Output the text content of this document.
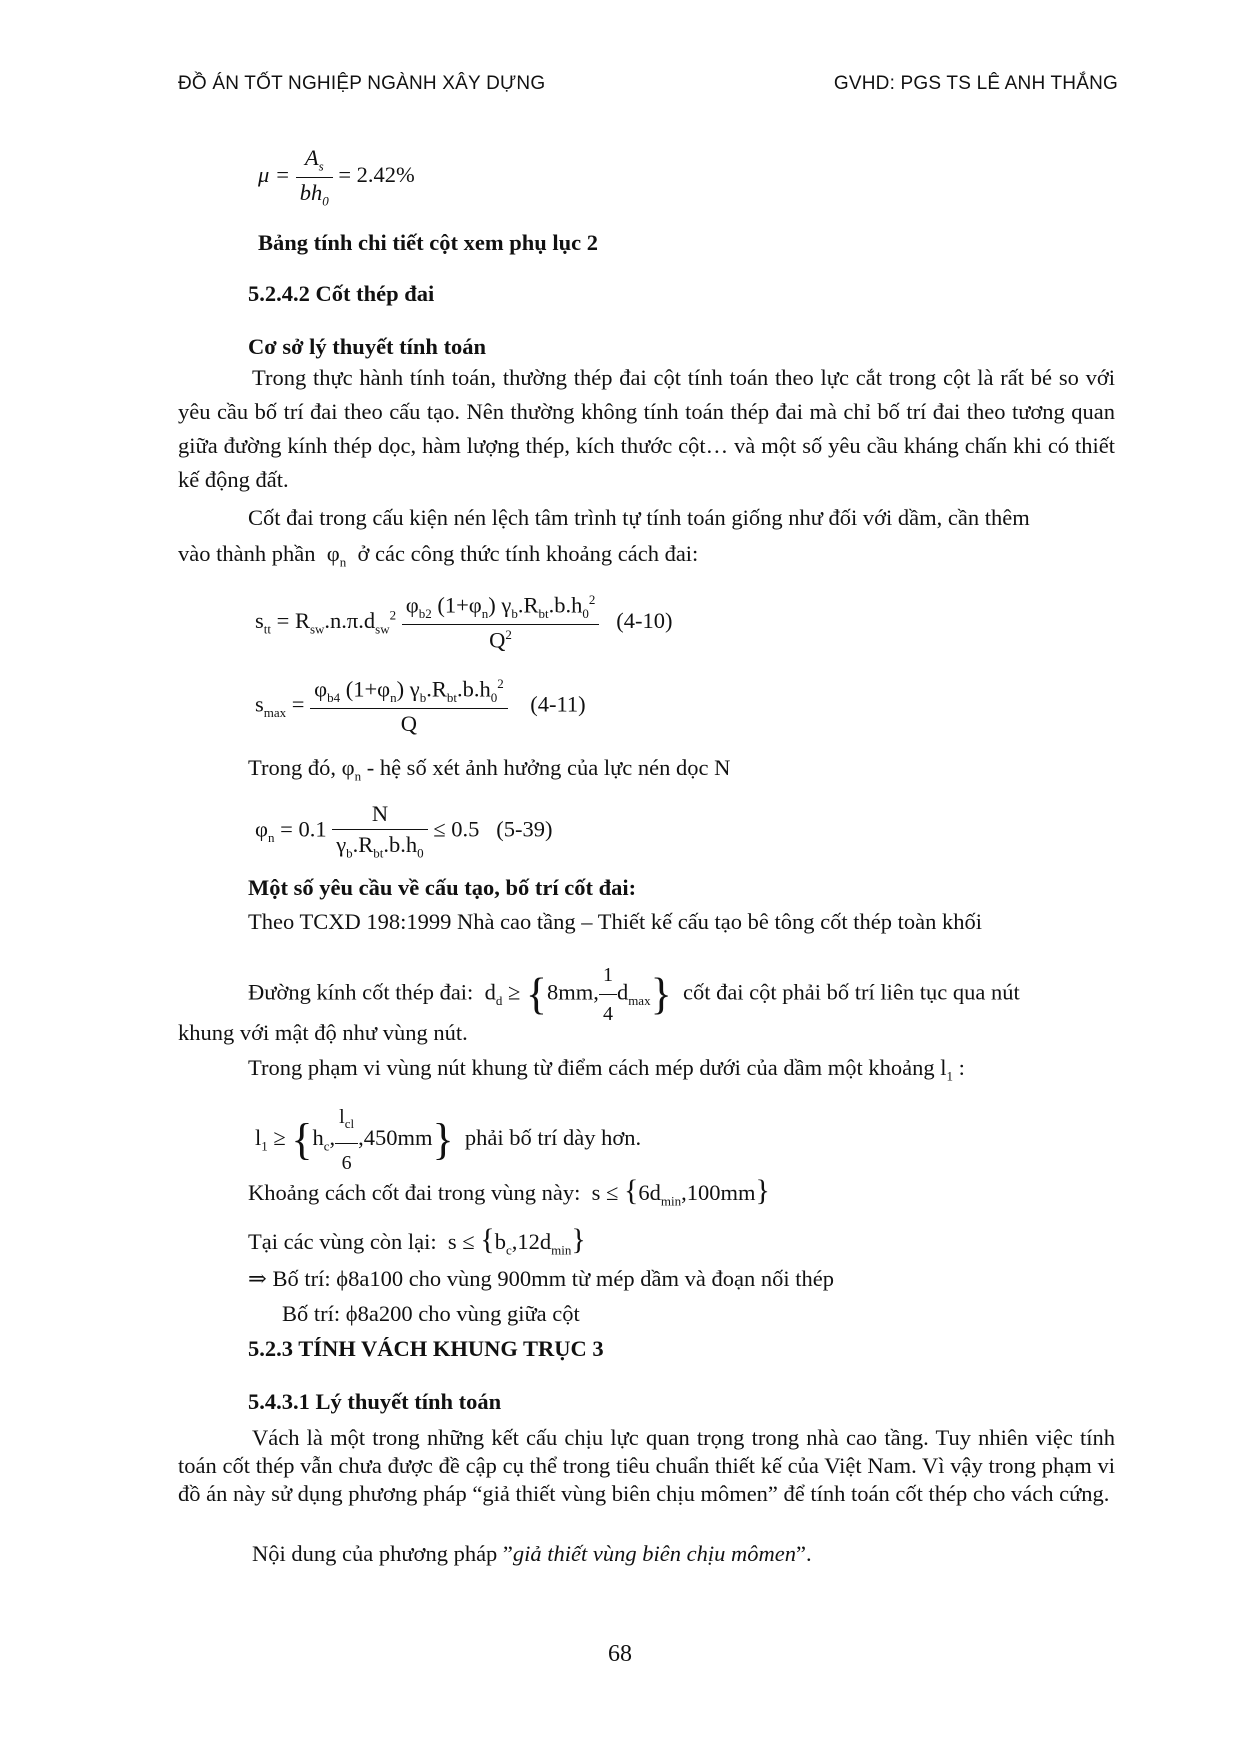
ĐỒ ÁN TỐT NGHIỆP NGÀNH XÂY DỰNG	GVHD: PGS TS LÊ ANH THẮNG
$\mu = \frac{A_s}{bh_0} = 2.42\%$
Bảng tính chi tiết cột xem phụ lục 2
5.2.4.2 Cốt thép đai
Cơ sở lý thuyết tính toán

Trong thực hành tính toán, thường thép đai cột tính toán theo lực cắt trong cột là rất bé so với yêu cầu bố trí đai theo cấu tạo. Nên thường không tính toán thép đai mà chỉ bố trí đai theo tương quan giữa đường kính thép dọc, hàm lượng thép, kích thước cột… và một số yêu cầu kháng chấn khi có thiết kế động đất.

Cốt đai trong cấu kiện nén lệch tâm trình tự tính toán giống như đối với dầm, cần thêm
vào thành phần $\varphi_n$ ở các công thức tính khoảng cách đai:
$s_{tt} = R_{sw}.n.\pi.d_{sw}^2 \frac{\varphi_{b2} (1+\varphi_n) \gamma_b.R_{bt}.b.h_0^2}{Q^2} (4-10)$
$s_{max} = \frac{\varphi_{b4} (1+\varphi_n) \gamma_b.R_{bt}.b.h_0^2}{Q} (4-11)$
Trong đó, $\varphi_n$ - hệ số xét ảnh hưởng của lực nén dọc N
$\varphi_n = 0.1 \frac{N}{\gamma_b.R_{bt}.b.h_0} \le 0.5$   (5-39)
Một số yêu cầu về cấu tạo, bố trí cốt đai:
Theo TCXD 198:1999 Nhà cao tầng – Thiết kế cấu tạo bê tông cốt thép toàn khối
Đường kính cốt thép đai:  $d_d \ge \{8mm$, $\frac{1}{4} d_{max}$} cốt đai cột phải bố trí liên tục qua nút
khung với mật độ như vùng nút.
Trong phạm vi vùng nút khung từ điểm cách mép dưới của dầm một khoảng $l_1$ :
$l_1 \ge \{h_c$, $\frac{l_{cl}}{6} ,450mm$} phải bố trí dày hơn.
Khoảng cách cốt đai trong vùng này:  $s \le \{6d_{min},100mm\}$
Tại các vùng còn lại:  $s \le \{b_c,12d_{min}\}$
⇒ Bố trí: ϕ8a100 cho vùng 900mm từ mép dầm và đoạn nối thép
Bố trí: ϕ8a200 cho vùng giữa cột
5.2.3 TÍNH VÁCH KHUNG TRỤC 3
5.4.3.1 Lý thuyết tính toán

Vách là một trong những kết cấu chịu lực quan trọng trong nhà cao tầng. Tuy nhiên việc tính toán cốt thép vẫn chưa được đề cập cụ thể trong tiêu chuẩn thiết kế của Việt Nam. Vì vậy trong phạm vi đồ án này sử dụng phương pháp “giả thiết vùng biên chịu mômen” để tính toán cốt thép cho vách cứng.

Nội dung của phương pháp ”giả thiết vùng biên chịu mômen”.
68
